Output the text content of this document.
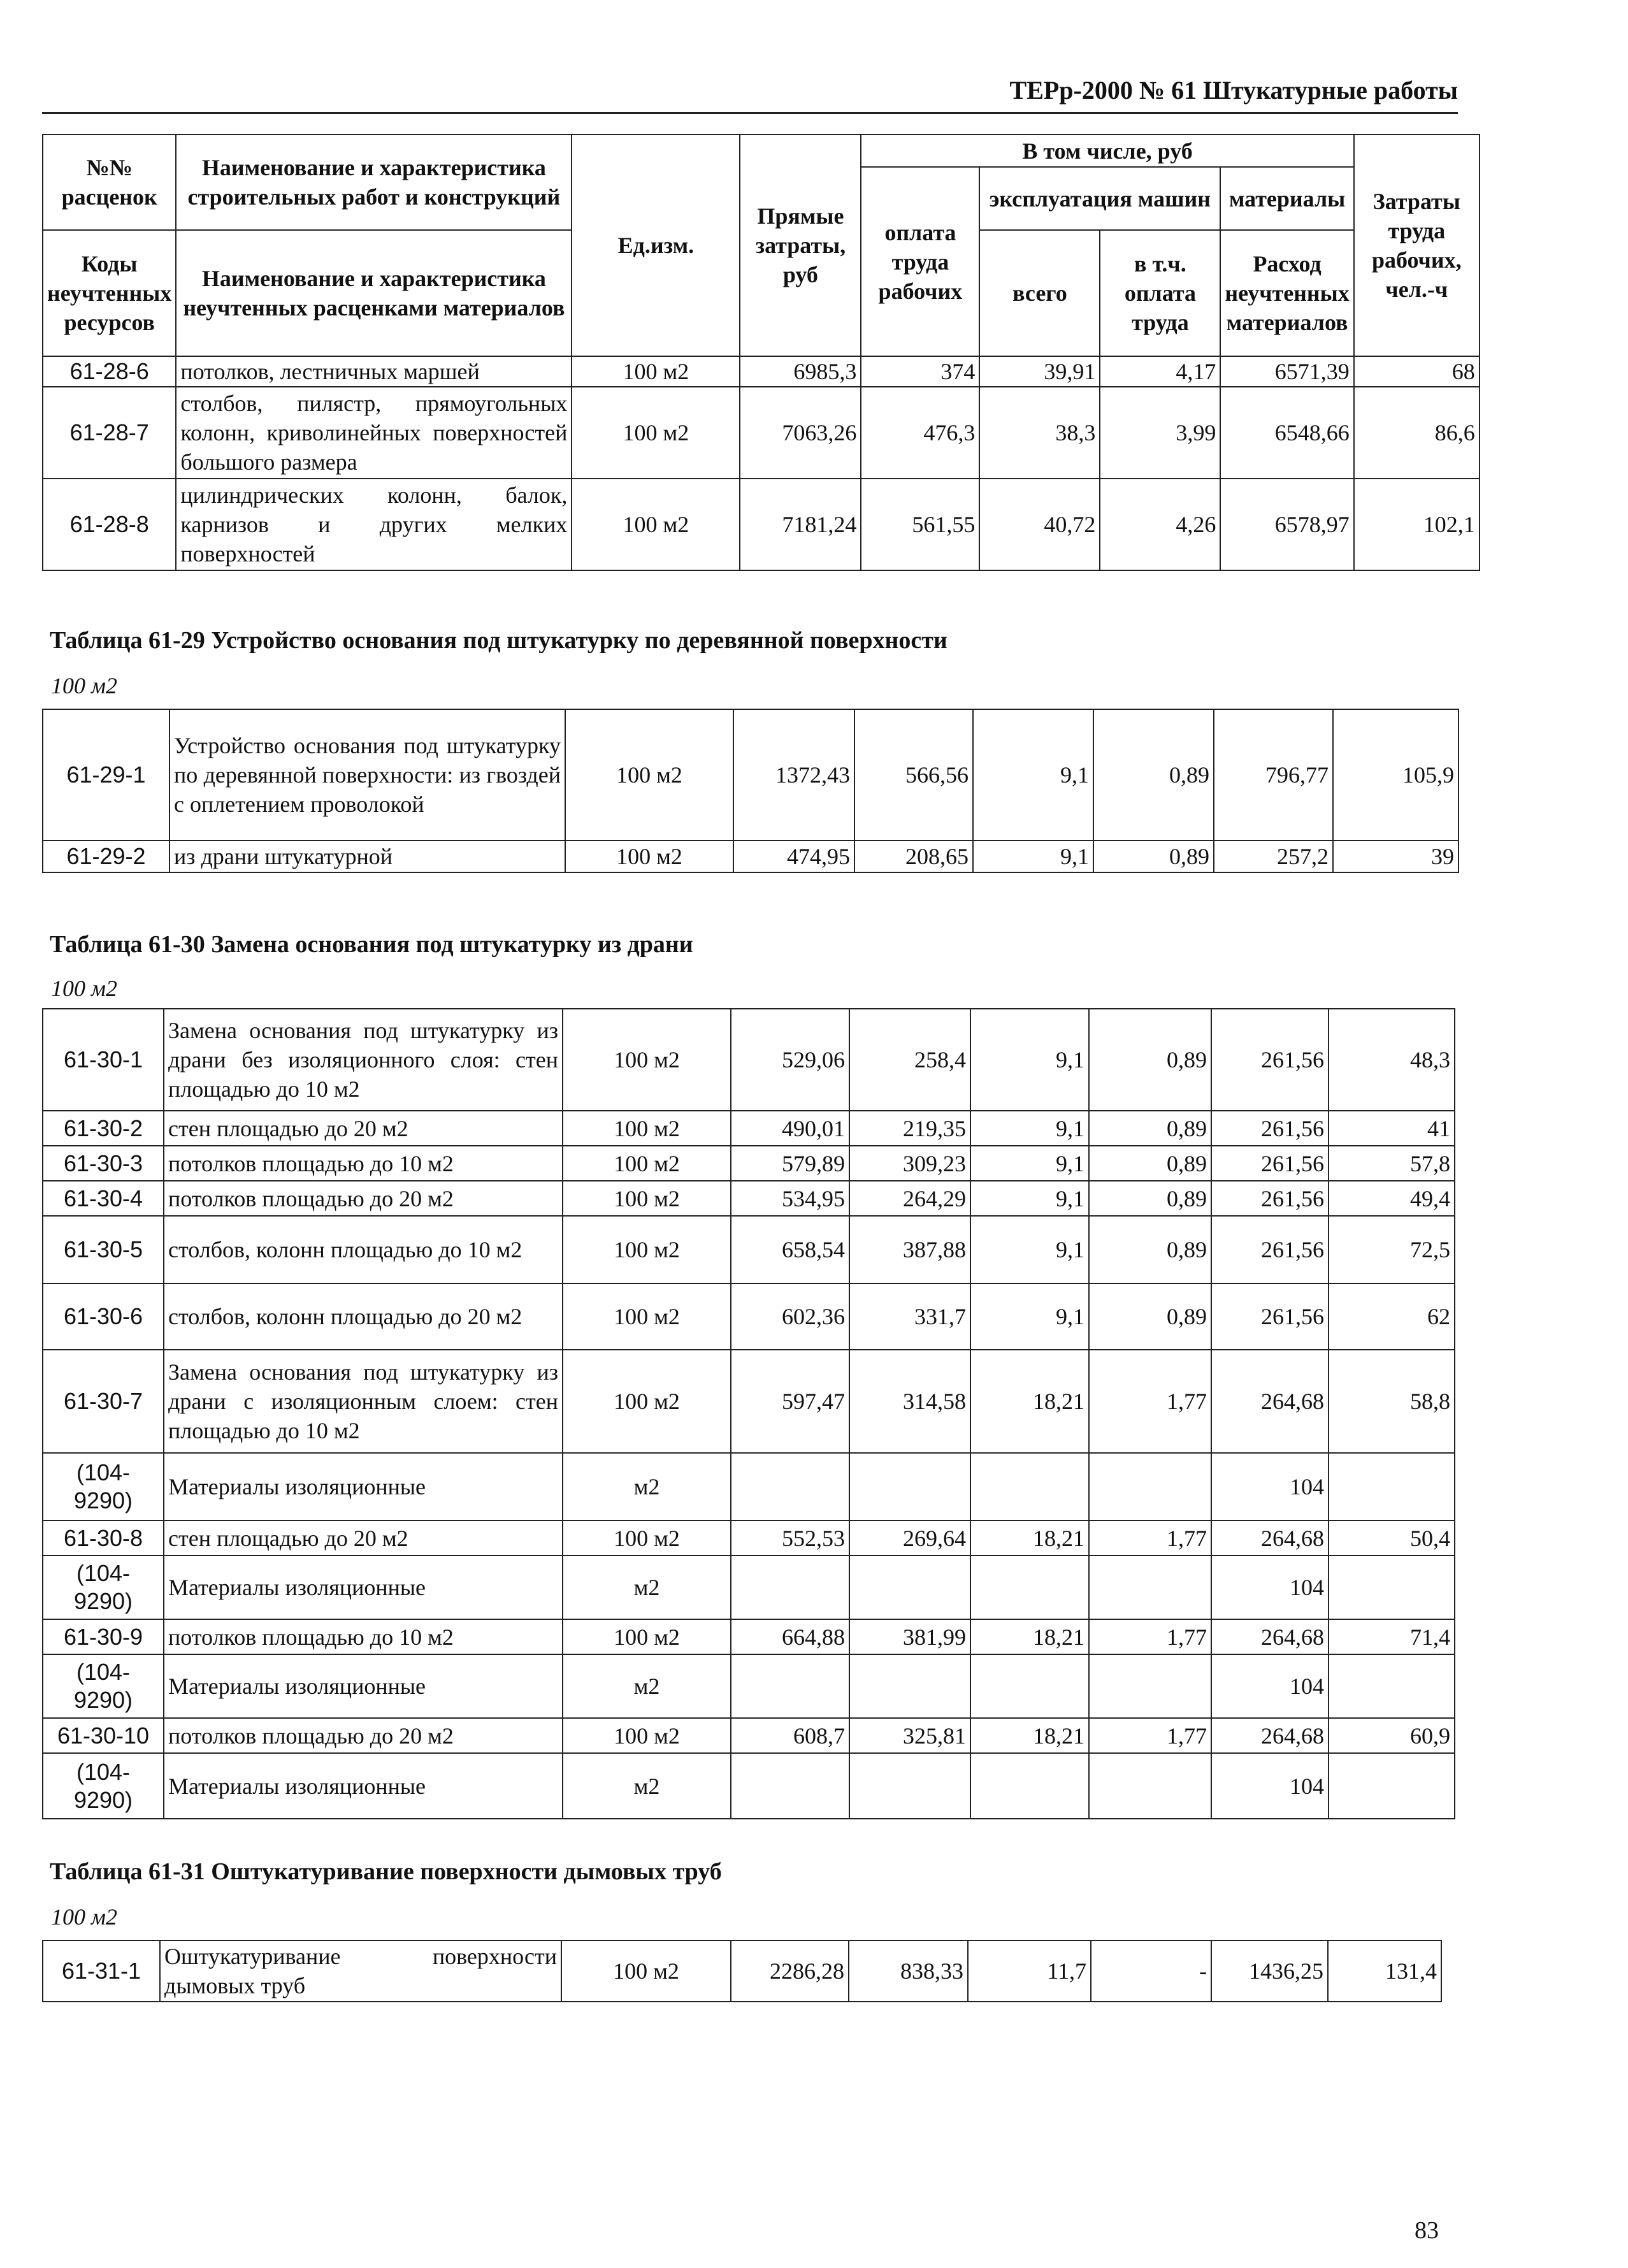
ТЕРр-2000 № 61 Штукатурные работы
№№ расценок	Наименование и характеристика строительных работ и конструкций	Ед.изм.	Прямые затраты, руб	В том числе, руб				Затраты труда рабочих, чел.-ч
				оплата труда рабочих	эксплуатация машин		материалы	
Коды неучтенных ресурсов	Наименование и характеристика неучтенных расценками материалов				всего	в т.ч. оплата труда	Расход неучтенных материалов	

61-28-6	потолков, лестничных маршей	100 м2	6985,3	374	39,91	4,17	6571,39	68
61-28-7	столбов, пилястр, прямоугольных колонн, криволинейных поверхностей большого размера	100 м2	7063,26	476,3	38,3	3,99	6548,66	86,6
61-28-8	цилиндрических колонн, балок, карнизов и других мелких поверхностей	100 м2	7181,24	561,55	40,72	4,26	6578,97	102,1
Таблица 61-29 Устройство основания под штукатурку по деревянной поверхности
100 м2
61-29-1	Устройство основания под штукатурку по деревянной поверхности: из гвоздей с оплетением проволокой	100 м2	1372,43	566,56	9,1	0,89	796,77	105,9
61-29-2	из драни штукатурной	100 м2	474,95	208,65	9,1	0,89	257,2	39
Таблица 61-30 Замена основания под штукатурку из драни
100 м2
61-30-1	Замена основания под штукатурку из драни без изоляционного слоя: стен площадью до 10 м2	100 м2	529,06	258,4	9,1	0,89	261,56	48,3
61-30-2	стен площадью до 20 м2	100 м2	490,01	219,35	9,1	0,89	261,56	41
61-30-3	потолков площадью до 10 м2	100 м2	579,89	309,23	9,1	0,89	261,56	57,8
61-30-4	потолков площадью до 20 м2	100 м2	534,95	264,29	9,1	0,89	261,56	49,4
61-30-5	столбов, колонн площадью до 10 м2	100 м2	658,54	387,88	9,1	0,89	261,56	72,5
61-30-6	столбов, колонн площадью до 20 м2	100 м2	602,36	331,7	9,1	0,89	261,56	62
61-30-7	Замена основания под штукатурку из драни с изоляционным слоем: стен площадью до 10 м2	100 м2	597,47	314,58	18,21	1,77	264,68	58,8
(104-9290)	Материалы изоляционные	м2					104	
61-30-8	стен площадью до 20 м2	100 м2	552,53	269,64	18,21	1,77	264,68	50,4
(104-9290)	Материалы изоляционные	м2					104	
61-30-9	потолков площадью до 10 м2	100 м2	664,88	381,99	18,21	1,77	264,68	71,4
(104-9290)	Материалы изоляционные	м2					104	
61-30-10	потолков площадью до 20 м2	100 м2	608,7	325,81	18,21	1,77	264,68	60,9
(104-9290)	Материалы изоляционные	м2					104	
Таблица 61-31 Оштукатуривание поверхности дымовых труб
100 м2
61-31-1	Оштукатуривание поверхности дымовых труб	100 м2	2286,28	838,33	11,7	-	1436,25	131,4
83
